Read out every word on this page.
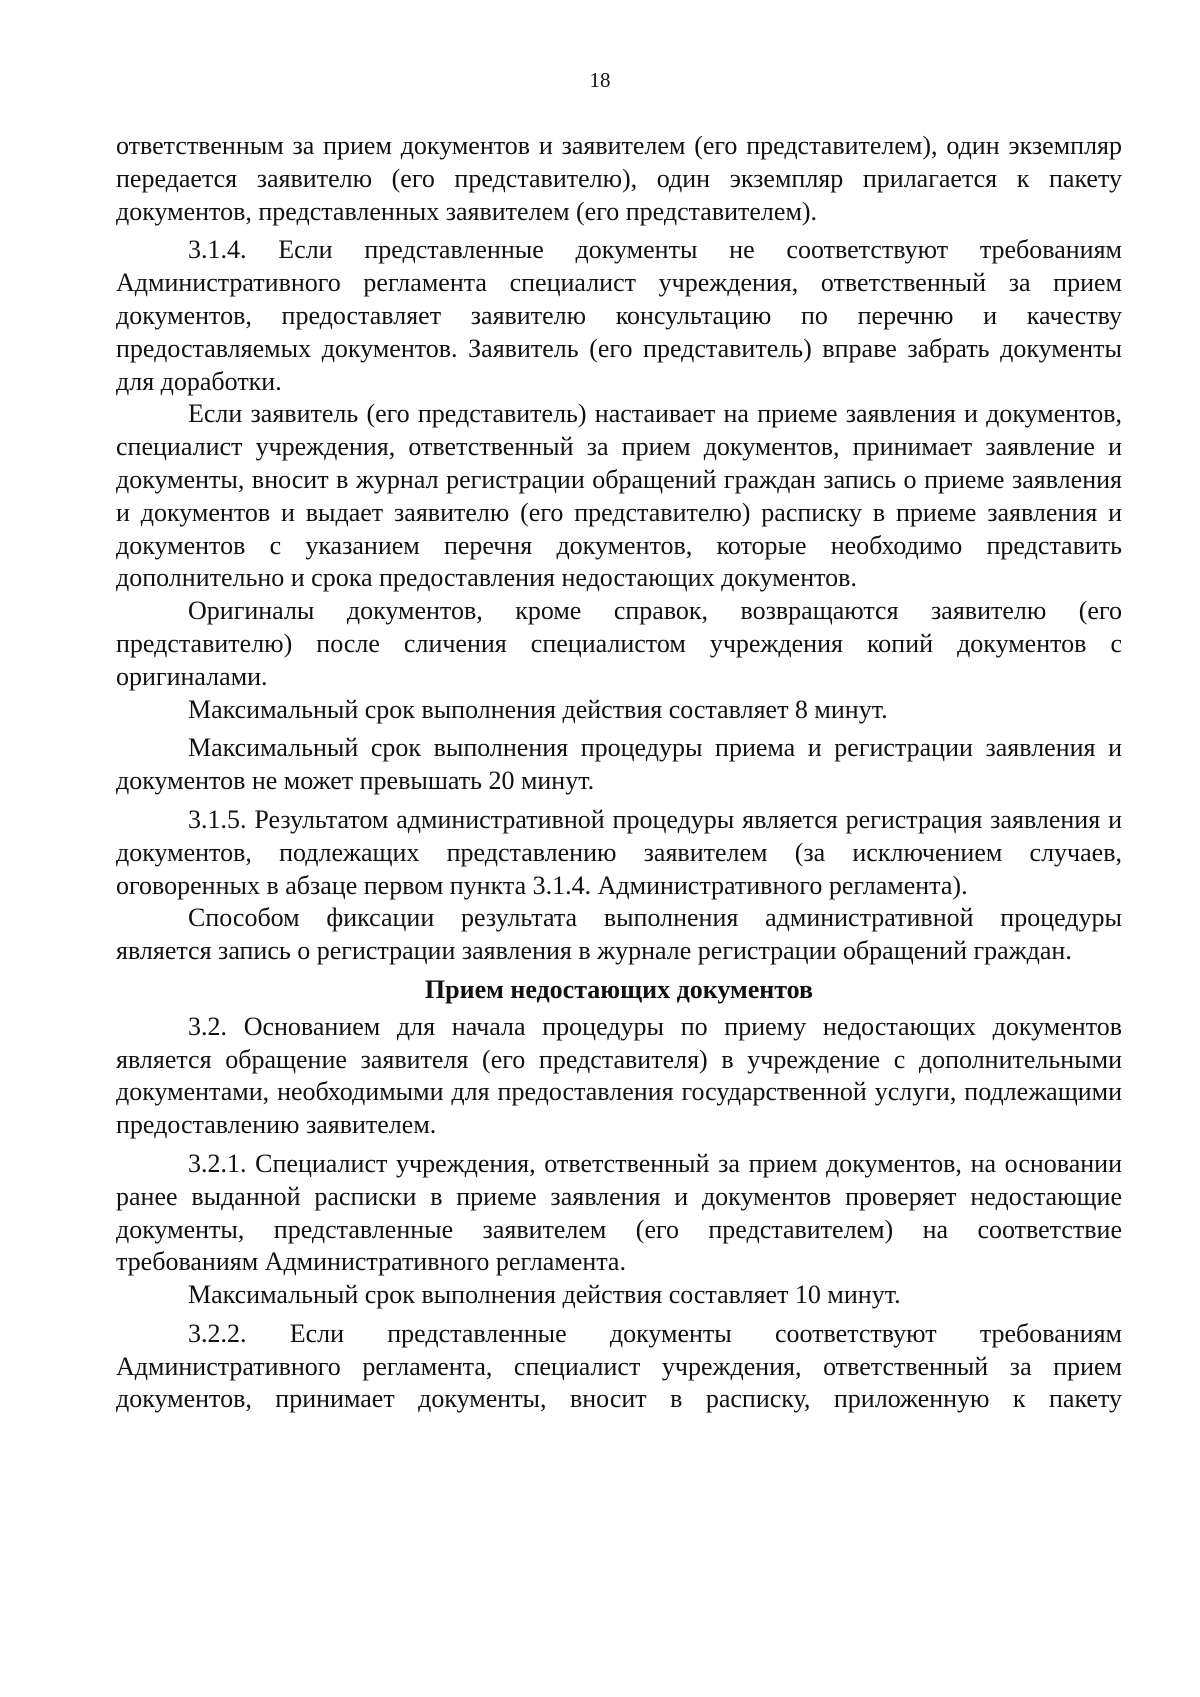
18

ответственным за прием документов и заявителем (его представителем), один экземпляр передается заявителю (его представителю), один экземпляр прилагается к пакету документов, представленных заявителем (его представителем).

3.1.4. Если представленные документы не соответствуют требованиям Административного регламента специалист учреждения, ответственный за прием документов, предоставляет заявителю консультацию по перечню и качеству предоставляемых документов. Заявитель (его представитель) вправе забрать документы для доработки.

Если заявитель (его представитель) настаивает на приеме заявления и документов, специалист учреждения, ответственный за прием документов, принимает заявление и документы, вносит в журнал регистрации обращений граждан запись о приеме заявления и документов и выдает заявителю (его представителю) расписку в приеме заявления и документов с указанием перечня документов, которые необходимо представить дополнительно и срока предоставления недостающих документов.

Оригиналы документов, кроме справок, возвращаются заявителю (его представителю) после сличения специалистом учреждения копий документов с оригиналами.

Максимальный срок выполнения действия составляет 8 минут.

Максимальный срок выполнения процедуры приема и регистрации заявления и документов не может превышать 20 минут.

3.1.5. Результатом административной процедуры является регистрация заявления и документов, подлежащих представлению заявителем (за исключением случаев, оговоренных в абзаце первом пункта 3.1.4. Административного регламента).

Способом фиксации результата выполнения административной процедуры является запись о регистрации заявления в журнале регистрации обращений граждан.

Прием недостающих документов

3.2. Основанием для начала процедуры по приему недостающих документов является обращение заявителя (его представителя) в учреждение с дополнительными документами, необходимыми для предоставления государственной услуги, подлежащими предоставлению заявителем.

3.2.1. Специалист учреждения, ответственный за прием документов, на основании ранее выданной расписки в приеме заявления и документов проверяет недостающие документы, представленные заявителем (его представителем) на соответствие требованиям Административного регламента.

Максимальный срок выполнения действия составляет 10 минут.

3.2.2. Если представленные документы соответствуют требованиям Административного регламента, специалист учреждения, ответственный за прием документов, принимает документы, вносит в расписку, приложенную к пакету
